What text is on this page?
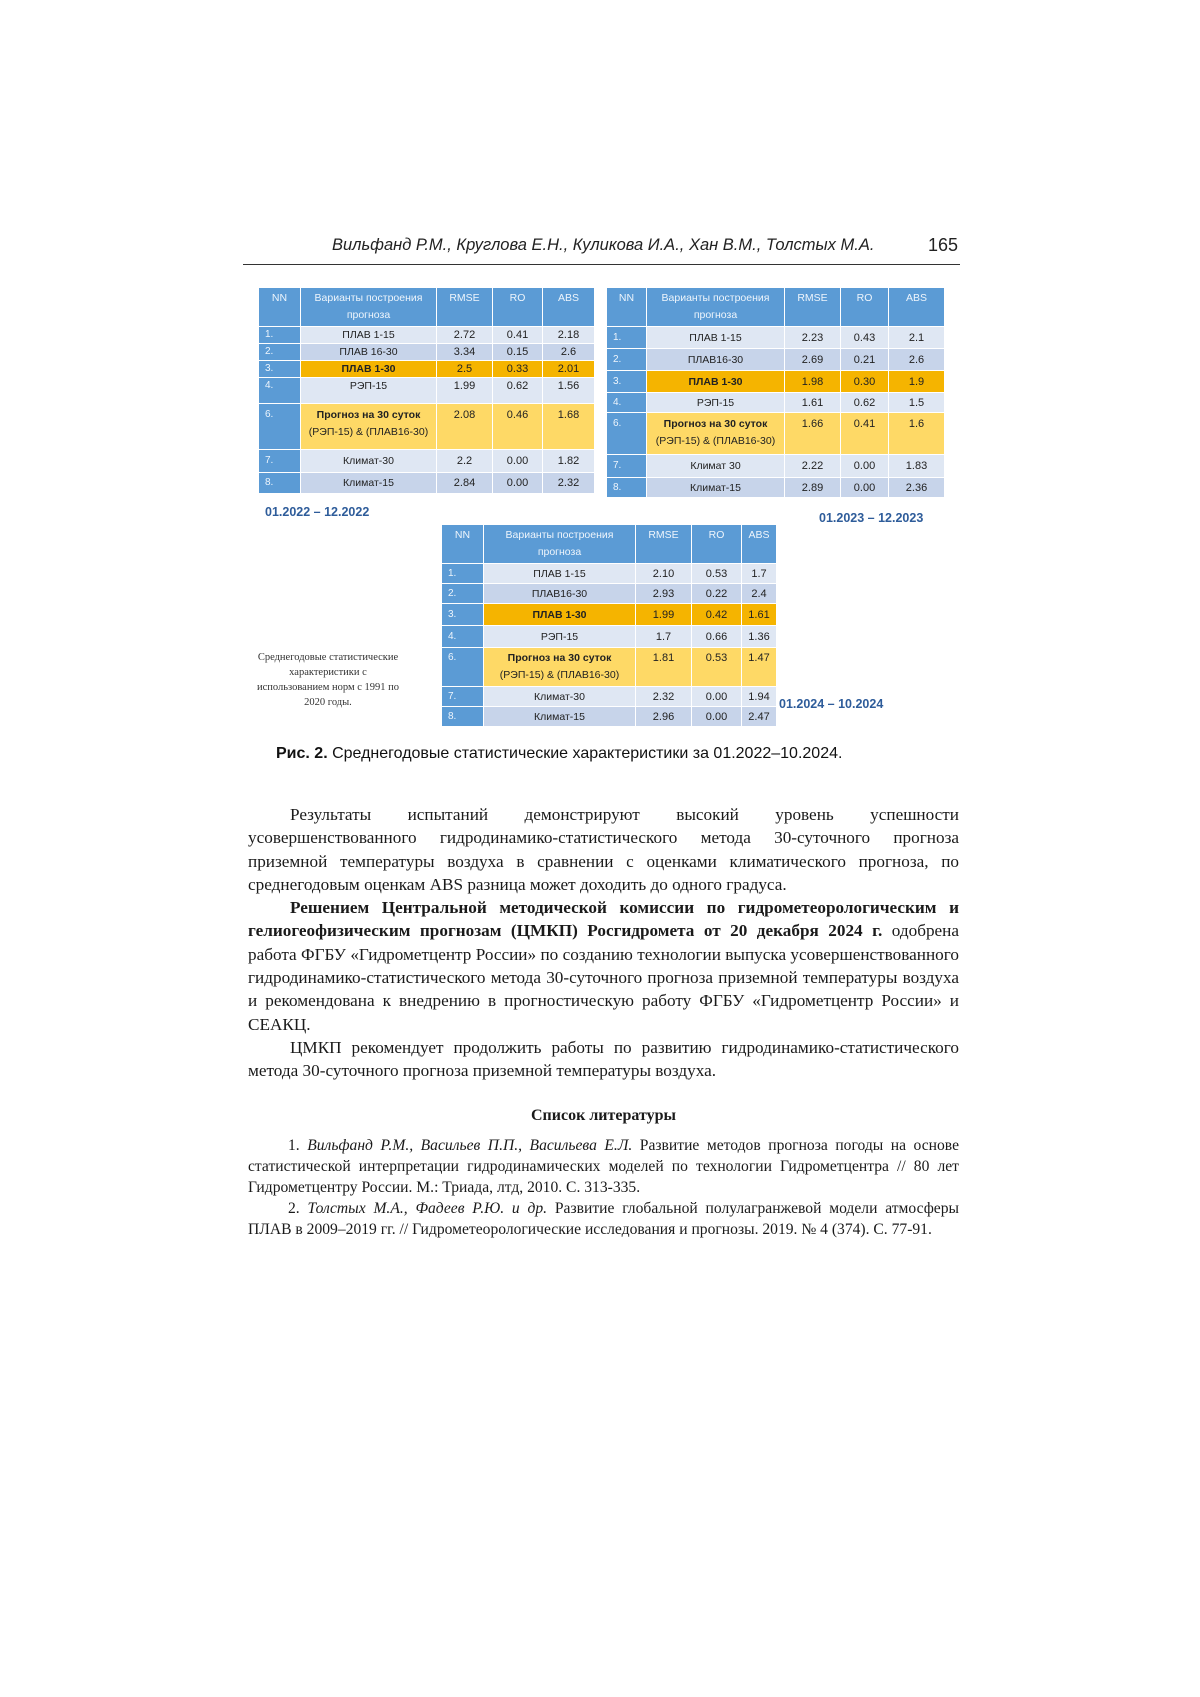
Вильфанд Р.М., Круглова Е.Н., Куликова И.А., Хан В.М., Толстых М.А.	165
NN	Варианты построения прогноза	RMSE	RO	ABS
1.	ПЛАВ 1-15	2.72	0.41	2.18
2.	ПЛАВ 16-30	3.34	0.15	2.6
3.	ПЛАВ 1-30	2.5	0.33	2.01
4.	РЭП-15	1.99	0.62	1.56
6.	Прогноз на 30 суток
(РЭП-15) & (ПЛАВ16-30)	2.08	0.46	1.68
7.	Климат-30	2.2	0.00	1.82
8.	Климат-15	2.84	0.00	2.32
01.2022 – 12.2022
NN	Варианты построения прогноза	RMSE	RO	ABS
1.	ПЛАВ 1-15	2.23	0.43	2.1
2.	ПЛАВ16-30	2.69	0.21	2.6
3.	ПЛАВ 1-30	1.98	0.30	1.9
4.	РЭП-15	1.61	0.62	1.5
6.	Прогноз на 30 суток
(РЭП-15) & (ПЛАВ16-30)	1.66	0.41	1.6
7.	Климат 30	2.22	0.00	1.83
8.	Климат-15	2.89	0.00	2.36
01.2023 – 12.2023
NN	Варианты построения прогноза	RMSE	RO	ABS
1.	ПЛАВ 1-15	2.10	0.53	1.7
2.	ПЛАВ16-30	2.93	0.22	2.4
3.	ПЛАВ 1-30	1.99	0.42	1.61
4.	РЭП-15	1.7	0.66	1.36
6.	Прогноз на 30 суток
(РЭП-15) & (ПЛАВ16-30)	1.81	0.53	1.47
7.	Климат-30	2.32	0.00	1.94
8.	Климат-15	2.96	0.00	2.47
01.2024 – 10.2024
Среднегодовые статистические характеристики с использованием норм с 1991 по 2020 годы.
Рис. 2. Среднегодовые статистические характеристики за 01.2022–10.2024.

Результаты испытаний демонстрируют высокий уровень успешности усовершенствованного гидродинамико-статистического метода 30-суточного прогноза приземной температуры воздуха в сравнении с оценками климатического прогноза, по среднегодовым оценкам ABS разница может доходить до одного градуса.

Решением Центральной методической комиссии по гидрометеорологическим и гелиогеофизическим прогнозам (ЦМКП) Росгидромета от 20 декабря 2024 г. одобрена работа ФГБУ «Гидрометцентр России» по созданию технологии выпуска усовершенствованного гидродинамико-статистического метода 30-суточного прогноза приземной температуры воздуха и рекомендована к внедрению в прогностическую работу ФГБУ «Гидрометцентр России» и СЕАКЦ.

ЦМКП рекомендует продолжить работы по развитию гидродинамико-статистического метода 30-суточного прогноза приземной температуры воздуха.

Список литературы

1. Вильфанд Р.М., Васильев П.П., Васильева Е.Л. Развитие методов прогноза погоды на основе статистической интерпретации гидродинамических моделей по технологии Гидрометцентра // 80 лет Гидрометцентру России. М.: Триада, лтд, 2010. С. 313-335.

2. Толстых М.А., Фадеев Р.Ю. и др. Развитие глобальной полулагранжевой модели атмосферы ПЛАВ в 2009–2019 гг. // Гидрометеорологические исследования и прогнозы. 2019. № 4 (374). С. 77-91.
